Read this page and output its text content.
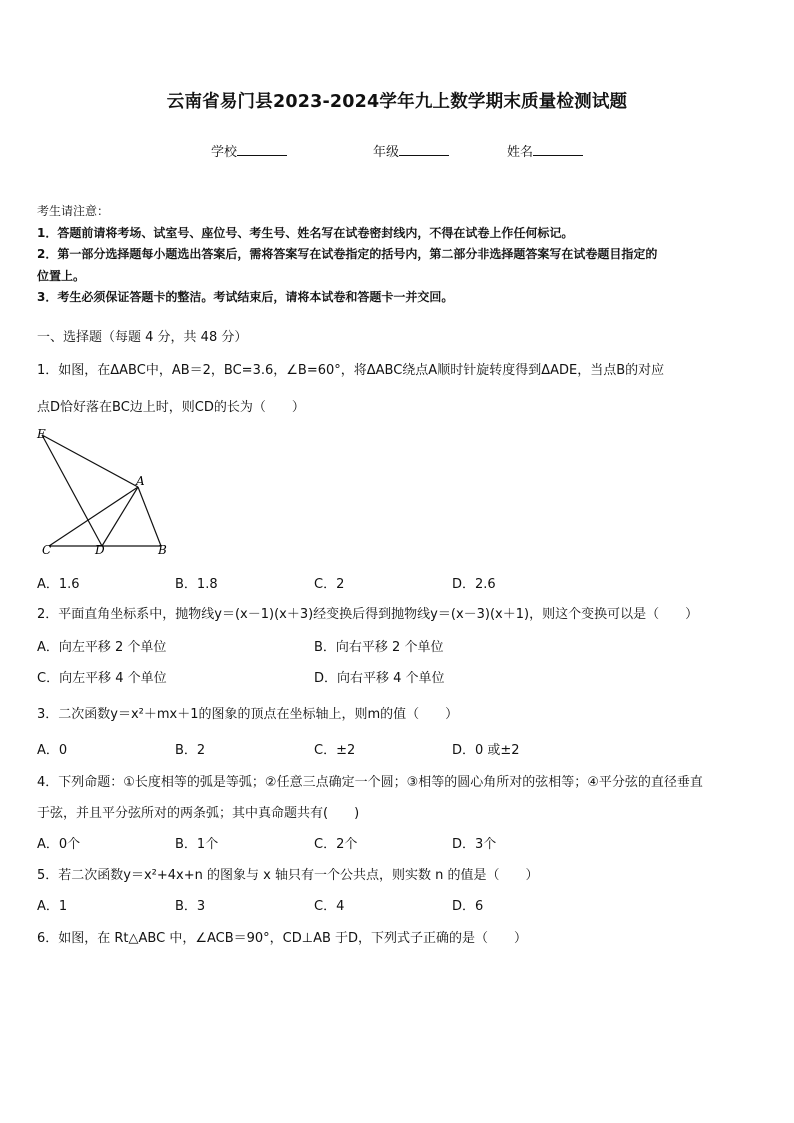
云南省易门县2023-2024学年九上数学期末质量检测试题
学校	年级	姓名
考生请注意：
1．答题前请将考场、试室号、座位号、考生号、姓名写在试卷密封线内，不得在试卷上作任何标记。
2．第一部分选择题每小题选出答案后，需将答案写在试卷指定的括号内，第二部分非选择题答案写在试卷题目指定的
位置上。
3．考生必须保证答题卡的整洁。考试结束后，请将本试卷和答题卡一并交回。
一、选择题（每题 4 分，共 48 分）
1．如图，在ΔABC中，AB＝2，BC=3.6，∠B=60°，将ΔABC绕点A顺时针旋转度得到ΔADE，当点B的对应
点D恰好落在BC边上时，则CD的长为（　　）
E
A
C	D	B
A．1.6	B．1.8	C．2	D．2.6
2．平面直角坐标系中，抛物线y＝(x－1)(x＋3)经变换后得到抛物线y＝(x－3)(x＋1)，则这个变换可以是（　　）
A．向左平移 2 个单位	B．向右平移 2 个单位
C．向左平移 4 个单位	D．向右平移 4 个单位
3．二次函数y＝x²＋mx＋1的图象的顶点在坐标轴上，则m的值（　　）
A．0	B．2	C．±2	D．0 或±2
4．下列命题：①长度相等的弧是等弧；②任意三点确定一个圆；③相等的圆心角所对的弦相等；④平分弦的直径垂直
于弦，并且平分弦所对的两条弧；其中真命题共有(　　)
A．0个	B．1个	C．2个	D．3个
5．若二次函数y＝x²+4x+n 的图象与 x 轴只有一个公共点，则实数 n 的值是（　　）
A．1	B．3	C．4	D．6
6．如图，在 Rt△ABC 中，∠ACB＝90°，CD⊥AB 于D，下列式子正确的是（　　）
